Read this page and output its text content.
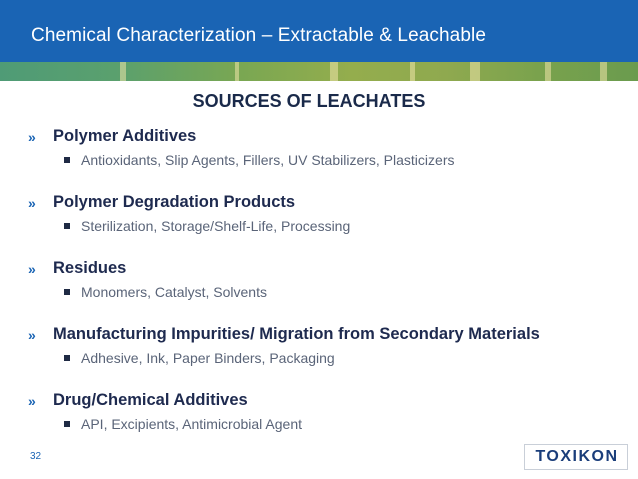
Chemical Characterization – Extractable & Leachable
SOURCES OF LEACHATES
» Polymer Additives
Antioxidants, Slip Agents, Fillers, UV Stabilizers, Plasticizers
» Polymer Degradation Products
Sterilization, Storage/Shelf-Life, Processing
» Residues
Monomers, Catalyst, Solvents
» Manufacturing Impurities/ Migration from Secondary Materials
Adhesive, Ink, Paper Binders, Packaging
» Drug/Chemical Additives
API, Excipients, Antimicrobial Agent
32	TOXIKON
